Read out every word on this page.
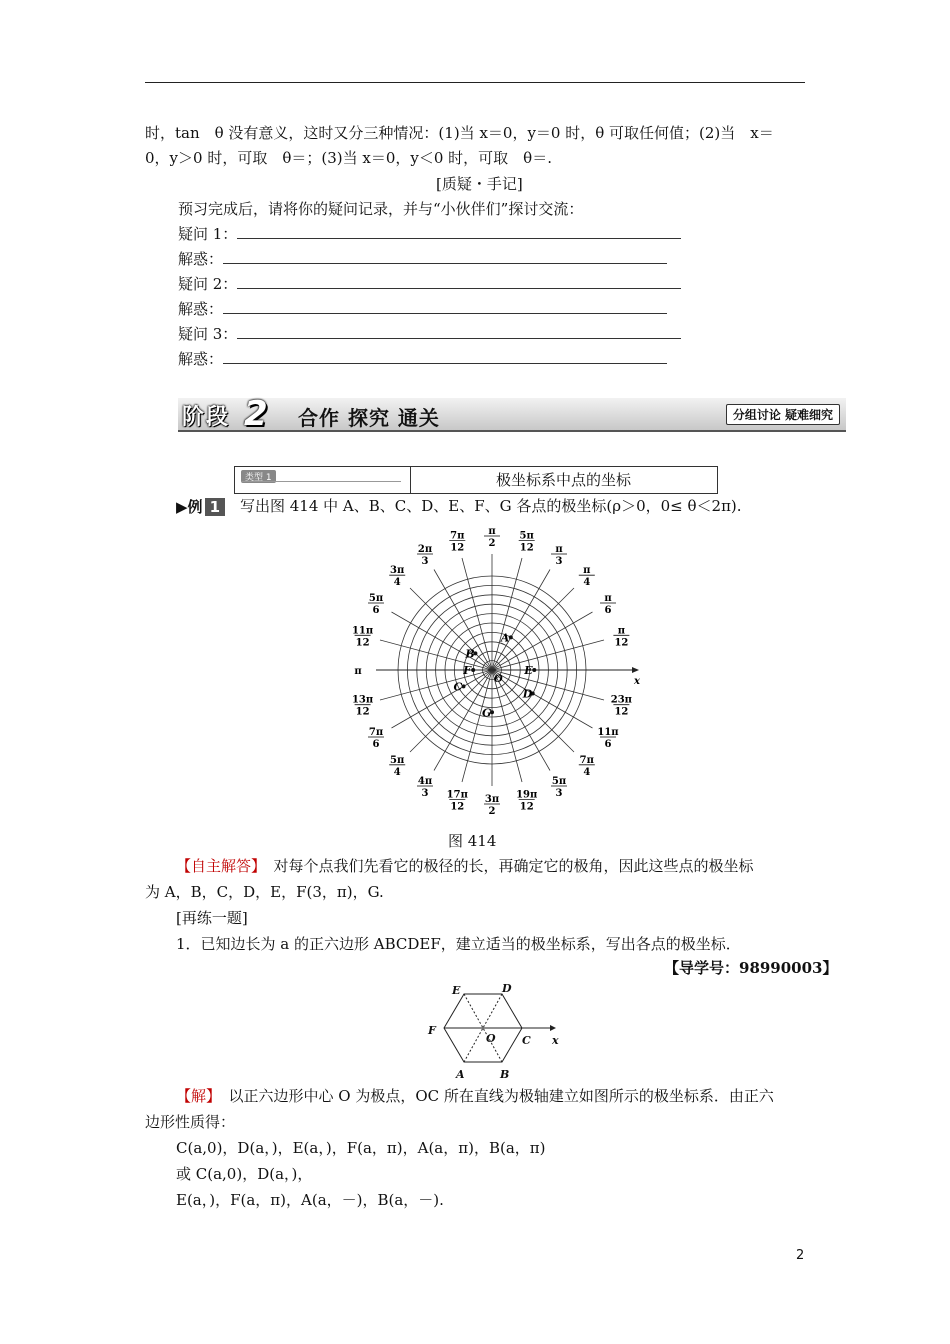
时，tan　θ 没有意义，这时又分三种情况：(1)当 x＝0，y＝0 时，θ 可取任何值；(2)当　x＝
0，y＞0 时，可取　θ＝；(3)当 x＝0，y＜0 时，可取　θ＝.
[质疑・手记]
预习完成后，请将你的疑问记录，并与“小伙伴们”探讨交流：
疑问 1：
解惑：
疑问 2：
解惑：
疑问 3：
解惑：
阶段 2 合作 探究 通关	分组讨论 疑难细究
类型 1	极坐标系中点的坐标
▶例 1	写出图 414 中 A、B、C、D、E、F、G 各点的极坐标(ρ＞0，0≤ θ＜2π).
x
O
π
12
π
6
π
4
π
3
5π
12
π
2
7π
12
2π
3
3π
4
5π
6
11π
12
π
13π
12
7π
6
5π
4
4π
3 17π
12
3π
2
19π
12
5π
3
7π
4
11π
6
23π
12
A
B
C
D
E
F
G
图 414
【自主解答】　对每个点我们先看它的极径的长，再确定它的极角，因此这些点的极坐标
为 A，B，C，D，E，F(3，π)，G.
[再练一题]
1．已知边长为 a 的正六边形 ABCDEF，建立适当的极坐标系，写出各点的极坐标．
【导学号：98990003】
A	B
C
D
E
F
O	x
【解】　以正六边形中心 O 为极点，OC 所在直线为极轴建立如图所示的极坐标系．由正六
边形性质得：
C(a,0)，D(a，)，E(a，)，F(a，π)，A(a，π)，B(a，π)
或 C(a,0)，D(a，)，
E(a，)，F(a，π)，A(a，－)，B(a，－).
2
